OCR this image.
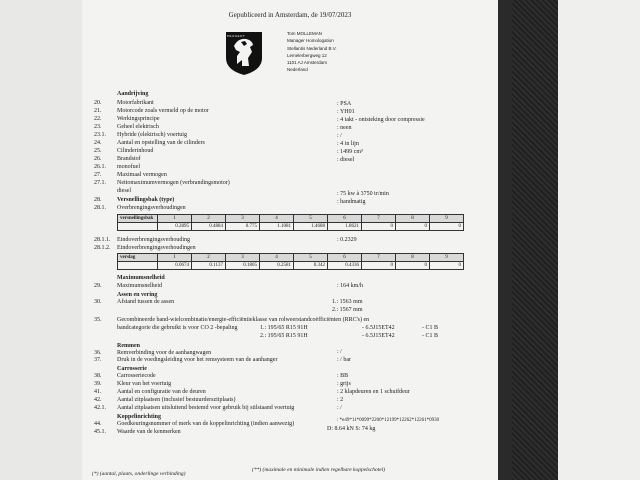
Gepubliceerd in Amsterdam, de 19/07/2023
PEUGEOT	Tom MOLLEMAN
Manager Homologation
Stellantis Nederland B.V.
Lemelerbergweg 12
1101 AJ Amsterdam
Nederland
Aandrijving
20.	Motorfabrikant	: PSA
21.	Motorcode zoals vermeld op de motor	: YH01
22.	Werkingsprincipe	: 4 takt - ontsteking door compressie
23.	Geheel elektrisch	: neen
23.1. Hybride (elektrisch) voertuig	: /
24.	Aantal en opstelling van de cilinders	: 4 in lijn
25.	Cilinderinhoud	: 1499 cm³
26.	Brandstof	: diesel
26.1. monofuel
27.	Maximaal vermogen
27.1. Nettomaximumvermogen (verbrandingsmotor)
diesel	: 75 kw à 3750 tr/min
28.	Versnellingsbak (type)	: handmatig
28.1. Overbrengingsverhoudingen
versnellingsbak	1	2	3	4	5	6	7	8	9
	0.2895	0.4884	0.775	1.1081	1.4688	1.8621	0	0	0
28.1.1. Eindoverbrengingsverhouding	: 0.2329
28.1.2. Eindoverbrengingsverhoudingen
verslag	1	2	3	4	5	6	7	8	9
	0.0674	0.1137	0.1805	0.2581	0.342	0.4336	0	0	0
Maximumsnelheid
29.	Maximumsnelheid	: 164 km/h
Assen en vering
30.	Afstand tussen de assen	1.: 1563 mm
2.: 1567 mm
35.	Gecombineerde band-wielcombinatie/energie-efficiëntieklasse van rolweerstandcoëfficiënten (RRC's) en
bandcategorie die gebruikt is voor CO 2 -bepaling	1.: 195/65 R15 91H	- 6.5J15ET42	- C1 B
2.: 195/65 R15 91H	- 6.5J15ET42	- C1 B
Remmen
36.	Remverbinding voor de aanhangwagen	: /
37.	Druk in de voedingsleiding voor het remsysteem van de aanhanger	: / bar
Carrosserie
38.	Carrosseriecode	: BB
39.	Kleur van het voertuig	: grijs
41.	Aantal en configuratie van de deuren	: 2 klapdeuren en 1 schuifdeur
42.	Aantal zitplaatsen (inclusief bestuurderszitplaats)	: 2
42.1. Aantal zitplaatsen uitsluitend bestemd voor gebruik bij stilstaand voertuig	: /
Koppelinrichting
44.	Goedkeuringsnummer of merk van de koppelinrichting (indien aanwezig)
: *e49*11*0099*2200*12199*12262*12261*0930
45.1. Waarde van de kenmerken	D: 8.64 kN S: 74 kg
(*) (aantal, plaats, onderlinge verbinding)
(**) (maximale en minimale indien regelbare koppelschotel)
